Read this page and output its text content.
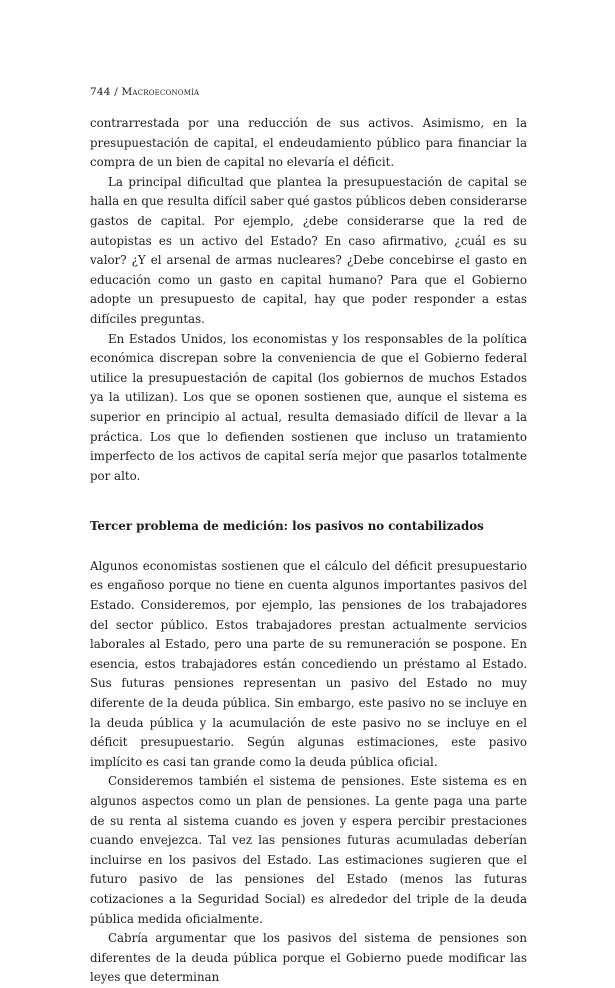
744 / Macroeconomía

contrarrestada por una reducción de sus activos. Asimismo, en la presupuestación de capital, el endeudamiento público para financiar la compra de un bien de capital no elevaría el déficit.

La principal dificultad que plantea la presupuestación de capital se halla en que resulta difícil saber qué gastos públicos deben considerarse gastos de capital. Por ejemplo, ¿debe considerarse que la red de autopistas es un activo del Estado? En caso afirmativo, ¿cuál es su valor? ¿Y el arsenal de armas nucleares? ¿Debe concebirse el gasto en educación como un gasto en capital humano? Para que el Gobierno adopte un presupuesto de capital, hay que poder responder a estas difíciles preguntas.

En Estados Unidos, los economistas y los responsables de la política económica discrepan sobre la conveniencia de que el Gobierno federal utilice la presupuestación de capital (los gobiernos de muchos Estados ya la utilizan). Los que se oponen sostienen que, aunque el sistema es superior en principio al actual, resulta demasiado difícil de llevar a la práctica. Los que lo defienden sostienen que incluso un tratamiento imperfecto de los activos de capital sería mejor que pasarlos totalmente por alto.

Tercer problema de medición: los pasivos no contabilizados

Algunos economistas sostienen que el cálculo del déficit presupuestario es engañoso porque no tiene en cuenta algunos importantes pasivos del Estado. Consideremos, por ejemplo, las pensiones de los trabajadores del sector público. Estos trabajadores prestan actualmente servicios laborales al Estado, pero una parte de su remuneración se pospone. En esencia, estos trabajadores están concediendo un préstamo al Estado. Sus futuras pensiones representan un pasivo del Estado no muy diferente de la deuda pública. Sin embargo, este pasivo no se incluye en la deuda pública y la acumulación de este pasivo no se incluye en el déficit presupuestario. Según algunas estimaciones, este pasivo implícito es casi tan grande como la deuda pública oficial.

Consideremos también el sistema de pensiones. Este sistema es en algunos aspectos como un plan de pensiones. La gente paga una parte de su renta al sistema cuando es joven y espera percibir prestaciones cuando envejezca. Tal vez las pensiones futuras acumuladas deberían incluirse en los pasivos del Estado. Las estimaciones sugieren que el futuro pasivo de las pensiones del Estado (menos las futuras cotizaciones a la Seguridad Social) es alrededor del triple de la deuda pública medida oficialmente.

Cabría argumentar que los pasivos del sistema de pensiones son diferentes de la deuda pública porque el Gobierno puede modificar las leyes que determinan
